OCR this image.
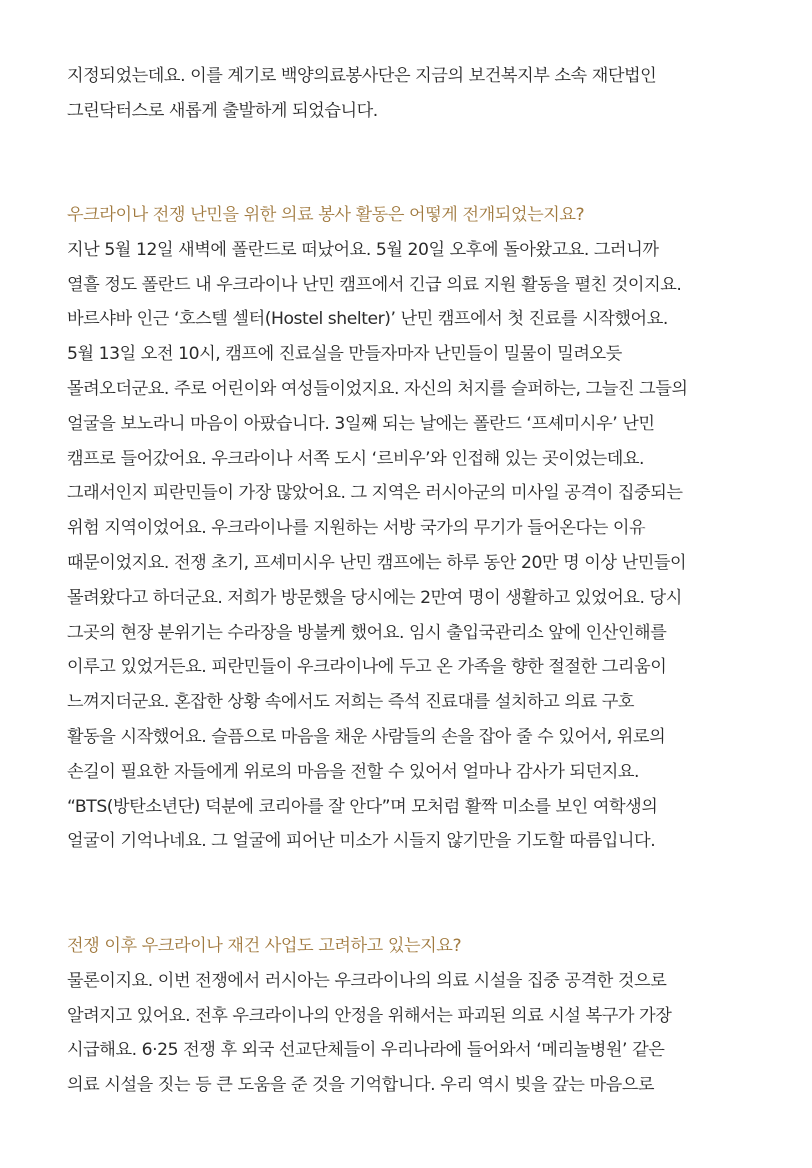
지정되었는데요. 이를 계기로 백양의료봉사단은 지금의 보건복지부 소속 재단법인
그린닥터스로 새롭게 출발하게 되었습니다.
우크라이나 전쟁 난민을 위한 의료 봉사 활동은 어떻게 전개되었는지요?
지난 5월 12일 새벽에 폴란드로 떠났어요. 5월 20일 오후에 돌아왔고요. 그러니까
열흘 정도 폴란드 내 우크라이나 난민 캠프에서 긴급 의료 지원 활동을 펼친 것이지요.
바르샤바 인근 ‘호스텔 셀터(Hostel shelter)’ 난민 캠프에서 첫 진료를 시작했어요.
5월 13일 오전 10시, 캠프에 진료실을 만들자마자 난민들이 밀물이 밀려오듯
몰려오더군요. 주로 어린이와 여성들이었지요. 자신의 처지를 슬퍼하는, 그늘진 그들의
얼굴을 보노라니 마음이 아팠습니다. 3일째 되는 날에는 폴란드 ‘프셰미시우’ 난민
캠프로 들어갔어요. 우크라이나 서쪽 도시 ‘르비우’와 인접해 있는 곳이었는데요.
그래서인지 피란민들이 가장 많았어요. 그 지역은 러시아군의 미사일 공격이 집중되는
위험 지역이었어요. 우크라이나를 지원하는 서방 국가의 무기가 들어온다는 이유
때문이었지요. 전쟁 초기, 프셰미시우 난민 캠프에는 하루 동안 20만 명 이상 난민들이
몰려왔다고 하더군요. 저희가 방문했을 당시에는 2만여 명이 생활하고 있었어요. 당시
그곳의 현장 분위기는 수라장을 방불케 했어요. 임시 출입국관리소 앞에 인산인해를
이루고 있었거든요. 피란민들이 우크라이나에 두고 온 가족을 향한 절절한 그리움이
느껴지더군요. 혼잡한 상황 속에서도 저희는 즉석 진료대를 설치하고 의료 구호
활동을 시작했어요. 슬픔으로 마음을 채운 사람들의 손을 잡아 줄 수 있어서, 위로의
손길이 필요한 자들에게 위로의 마음을 전할 수 있어서 얼마나 감사가 되던지요.
“BTS(방탄소년단) 덕분에 코리아를 잘 안다”며 모처럼 활짝 미소를 보인 여학생의
얼굴이 기억나네요. 그 얼굴에 피어난 미소가 시들지 않기만을 기도할 따름입니다.
전쟁 이후 우크라이나 재건 사업도 고려하고 있는지요?
물론이지요. 이번 전쟁에서 러시아는 우크라이나의 의료 시설을 집중 공격한 것으로
알려지고 있어요. 전후 우크라이나의 안정을 위해서는 파괴된 의료 시설 복구가 가장
시급해요. 6·25 전쟁 후 외국 선교단체들이 우리나라에 들어와서 ‘메리놀병원’ 같은
의료 시설을 짓는 등 큰 도움을 준 것을 기억합니다. 우리 역시 빚을 갚는 마음으로
